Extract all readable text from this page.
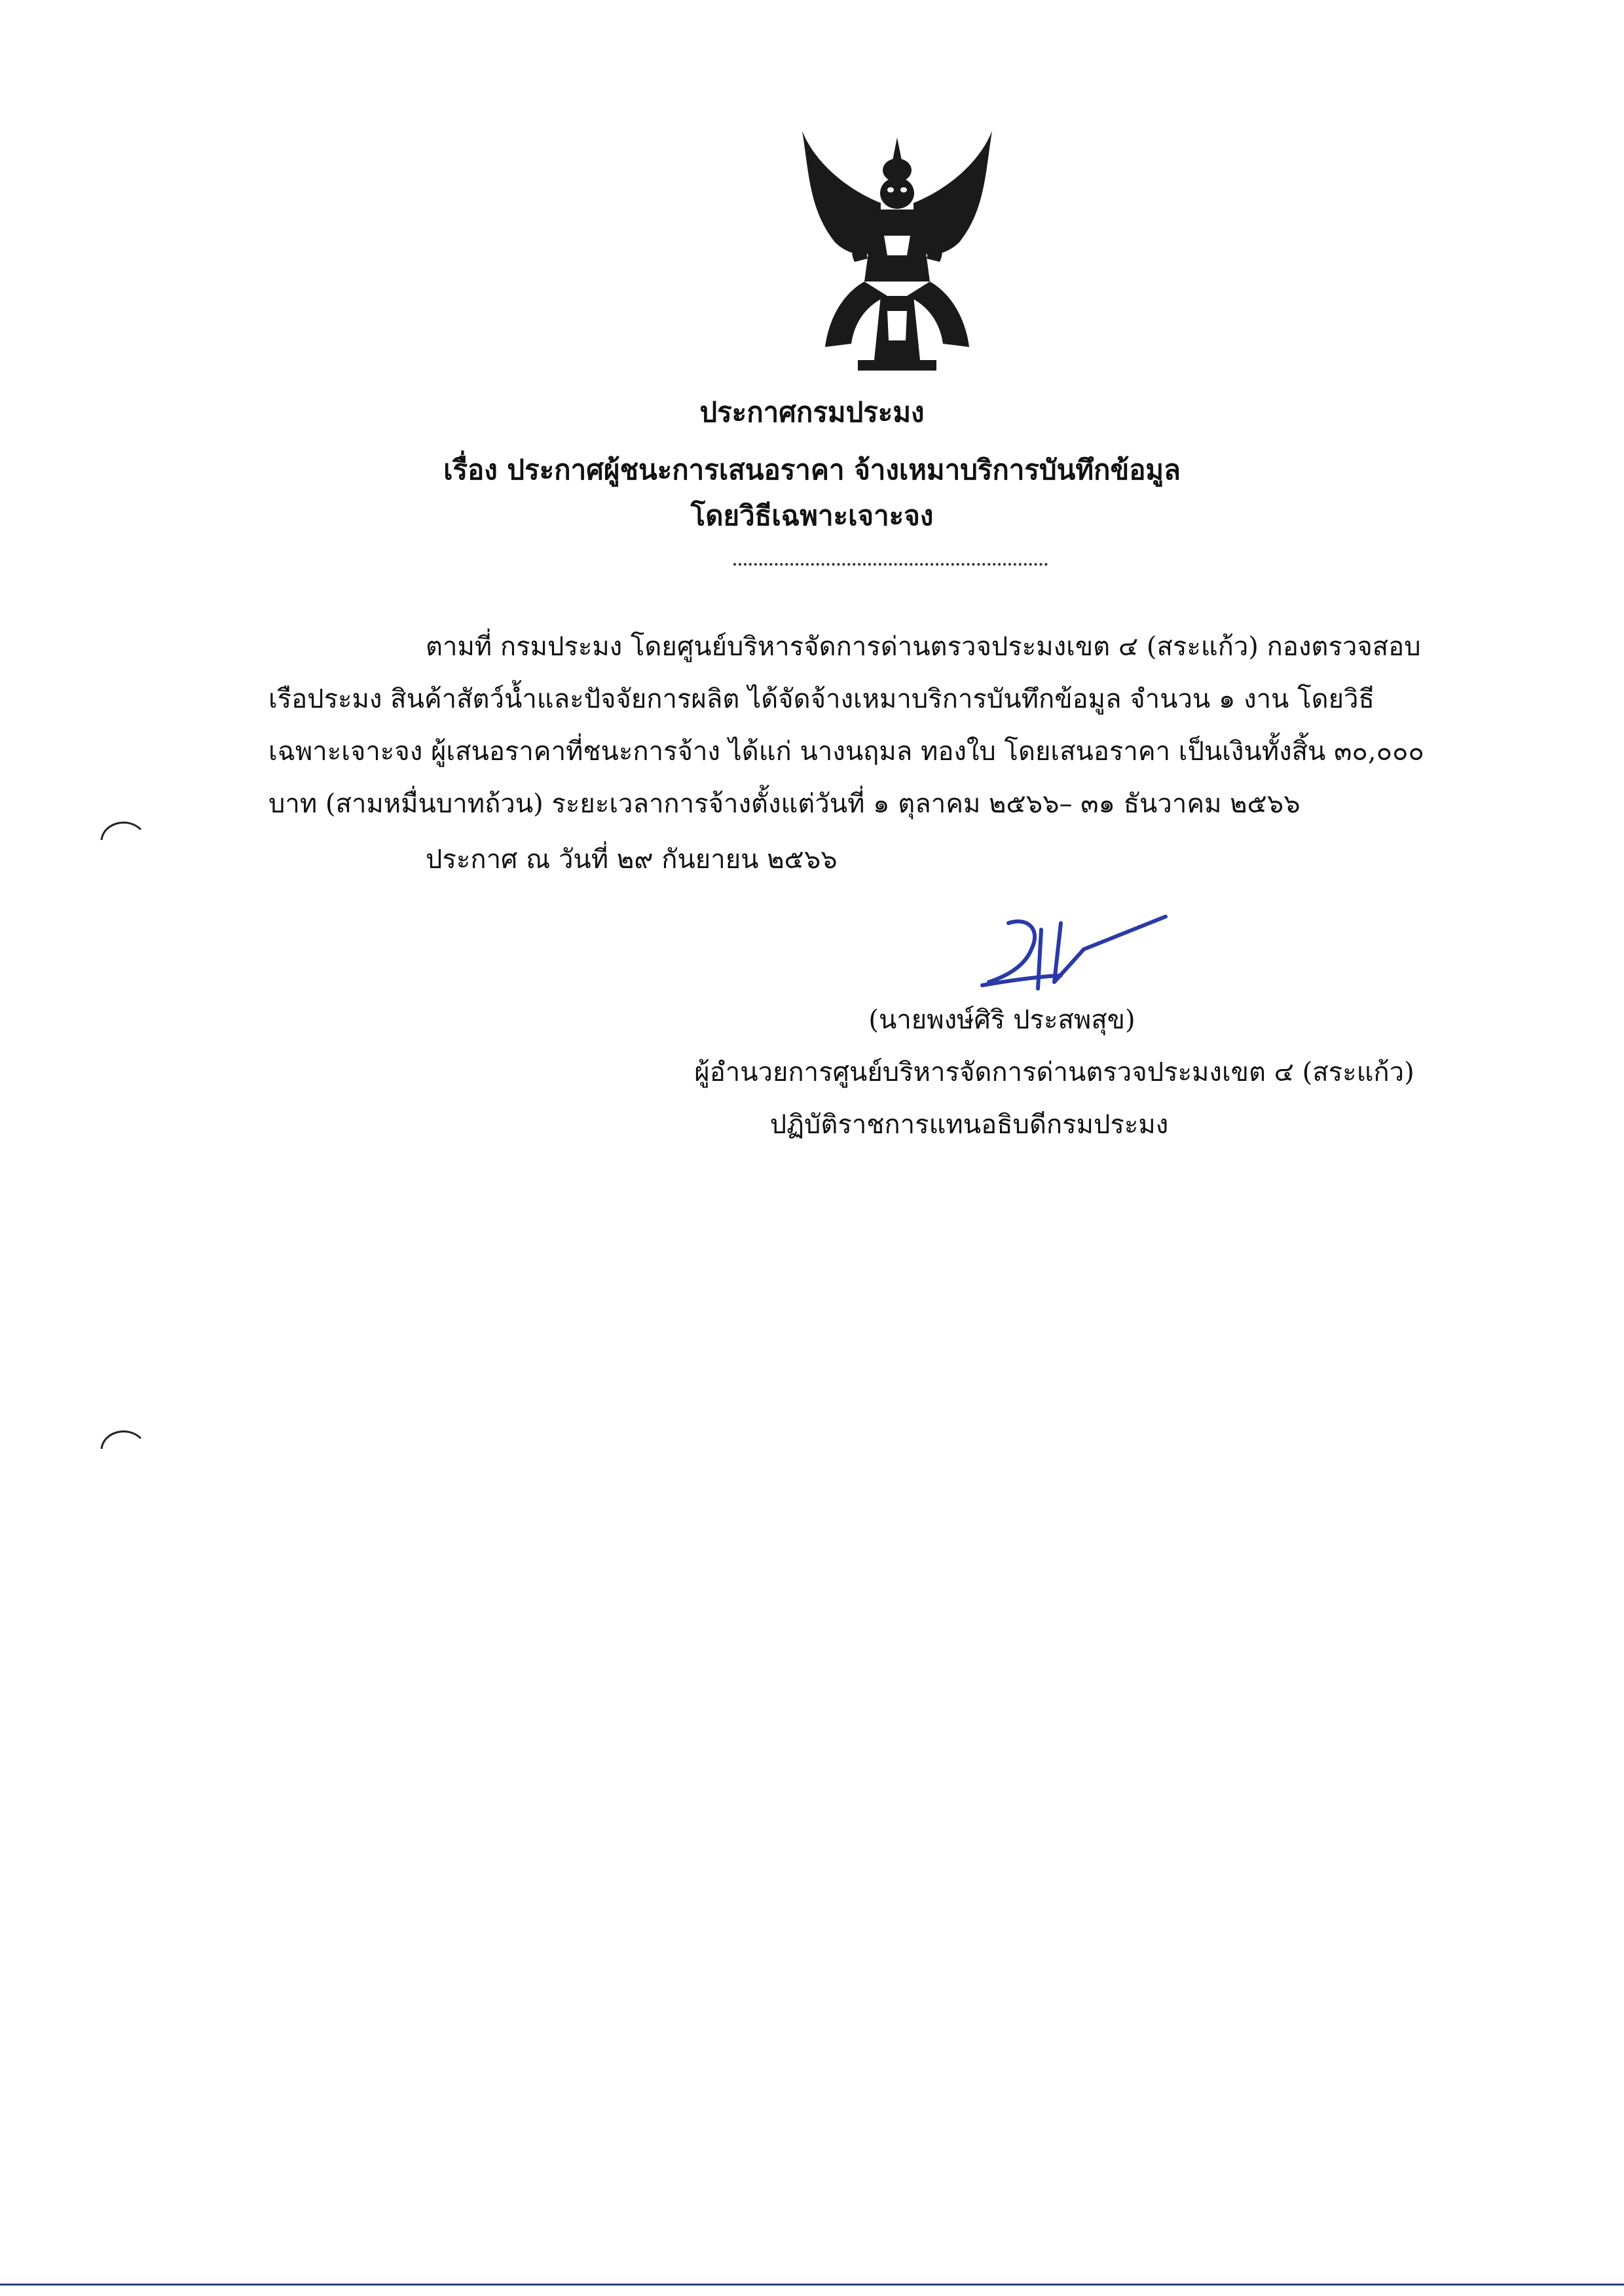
ประกาศกรมประมง
เรื่อง ประกาศผู้ชนะการเสนอราคา จ้างเหมาบริการบันทึกข้อมูล
โดยวิธีเฉพาะเจาะจง
ตามที่ กรมประมง โดยศูนย์บริหารจัดการด่านตรวจประมงเขต ๔ (สระแก้ว) กองตรวจสอบ
เรือประมง สินค้าสัตว์น้ำและปัจจัยการผลิต ได้จัดจ้างเหมาบริการบันทึกข้อมูล จำนวน ๑ งาน โดยวิธี
เฉพาะเจาะจง ผู้เสนอราคาที่ชนะการจ้าง ได้แก่ นางนฤมล ทองใบ โดยเสนอราคา เป็นเงินทั้งสิ้น ๓๐,๐๐๐
บาท (สามหมื่นบาทถ้วน) ระยะเวลาการจ้างตั้งแต่วันที่ ๑ ตุลาคม ๒๕๖๖– ๓๑ ธันวาคม ๒๕๖๖
ประกาศ ณ วันที่ ๒๙ กันยายน ๒๕๖๖
(นายพงษ์ศิริ ประสพสุข)
ผู้อำนวยการศูนย์บริหารจัดการด่านตรวจประมงเขต ๔ (สระแก้ว)
ปฏิบัติราชการแทนอธิบดีกรมประมง
